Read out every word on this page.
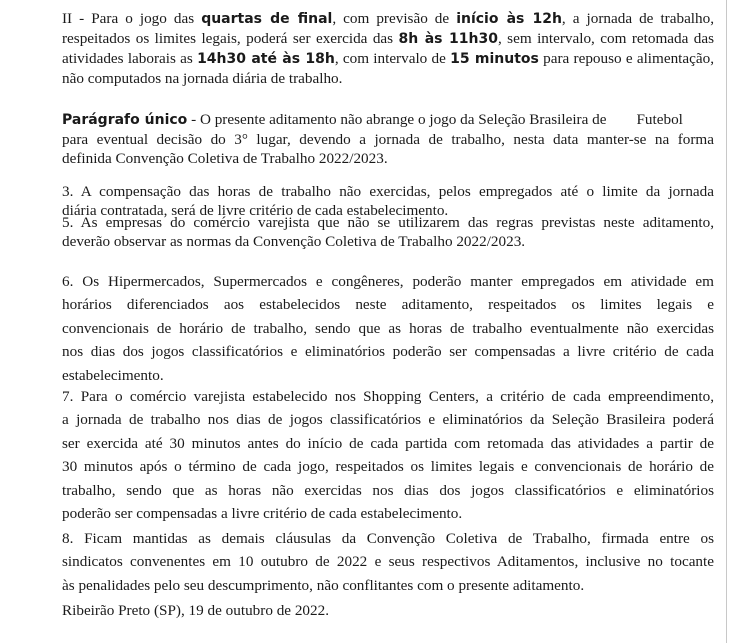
II - Para o jogo das quartas de final, com previsão de início às 12h, a jornada de trabalho,
respeitados os limites legais, poderá ser exercida das 8h às 11h30, sem intervalo, com retomada das
atividades laborais as 14h30 até às 18h, com intervalo de 15 minutos para repouso e alimentação,
não computados na jornada diária de trabalho.
Parágrafo único - O presente aditamento não abrange o jogo da Seleção Brasileira de Futebol
para eventual decisão do 3° lugar, devendo a jornada de trabalho, nesta data manter-se na forma
definida Convenção Coletiva de Trabalho 2022/2023.
3. A compensação das horas de trabalho não exercidas, pelos empregados até o limite da jornada
diária contratada, será de livre critério de cada estabelecimento.
5. As empresas do comércio varejista que não se utilizarem das regras previstas neste aditamento,
deverão observar as normas da Convenção Coletiva de Trabalho 2022/2023.
6. Os Hipermercados, Supermercados e congêneres, poderão manter empregados em atividade em
horários diferenciados aos estabelecidos neste aditamento, respeitados os limites legais e
convencionais de horário de trabalho, sendo que as horas de trabalho eventualmente não exercidas
nos dias dos jogos classificatórios e eliminatórios poderão ser compensadas a livre critério de cada
estabelecimento.
7. Para o comércio varejista estabelecido nos Shopping Centers, a critério de cada empreendimento,
a jornada de trabalho nos dias de jogos classificatórios e eliminatórios da Seleção Brasileira poderá
ser exercida até 30 minutos antes do início de cada partida com retomada das atividades a partir de
30 minutos após o término de cada jogo, respeitados os limites legais e convencionais de horário de
trabalho, sendo que as horas não exercidas nos dias dos jogos classificatórios e eliminatórios
poderão ser compensadas a livre critério de cada estabelecimento.
8. Ficam mantidas as demais cláusulas da Convenção Coletiva de Trabalho, firmada entre os
sindicatos convenentes em 10 outubro de 2022 e seus respectivos Aditamentos, inclusive no tocante
às penalidades pelo seu descumprimento, não conflitantes com o presente aditamento.
Ribeirão Preto (SP), 19 de outubro de 2022.
